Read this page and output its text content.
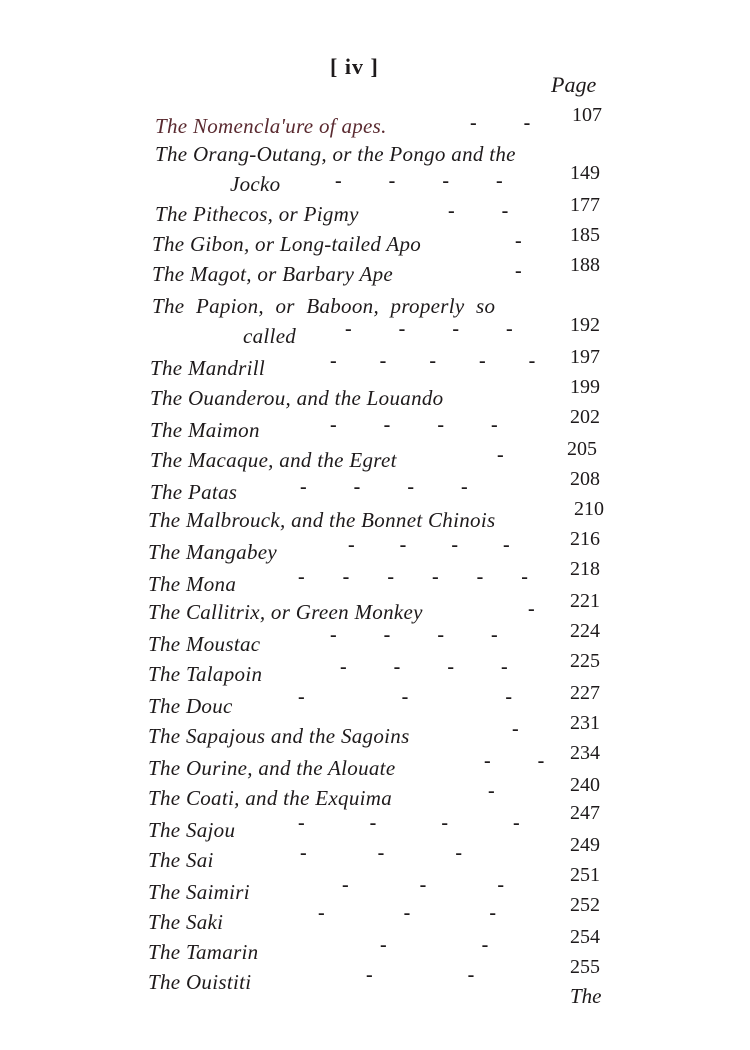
[ iv ]
Page
The Nomencla'ure of apes.	- - 107
The Orang-Outang, or the Pongo and the
Jocko	- - - -	149
The Pithecos, or Pigmy	- -	177
The Gibon, or Long-tailed Apo	- 185
The Magot, or Barbary Ape	- 188
The Papion, or Baboon, properly so
called - - - -	192
The Mandrill	- - - - - 197
The Ouanderou, and the Louando	199
The Maimon	- - - -	202
The Macaque, and the Egret	-	205
The Patas	- - - -	208
The Malbrouck, and the Bonnet Chinois	210
The Mangabey	- - - -	216
The Mona	- - - - - - 218
The Callitrix, or Green Monkey	- 221
The Moustac	- - - -	224
The Talapoin	- - - -	225
The Douc	- - -	227
The Sapajous and the Sagoins	-	231
The Ourine, and the Alouate	- - 234
The Coati, and the Exquima	-	240
The Sajou	- - - -	247
The Sai	- - -	249
The Saimiri	- - -	251
The Saki	- - -	252
The Tamarin	- -	254
The Ouistiti	- -	255
The
